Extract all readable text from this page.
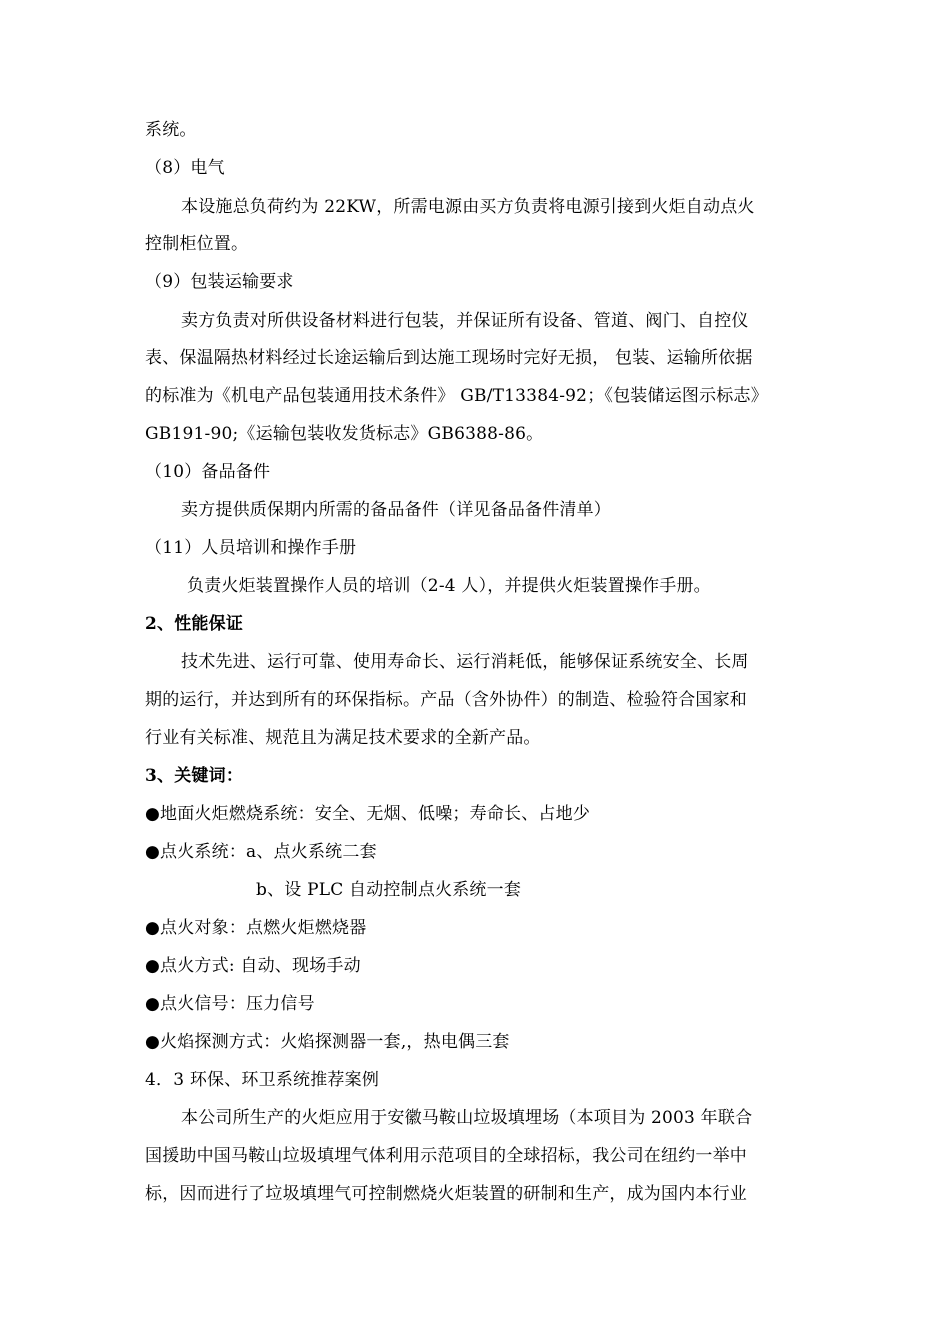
系统。
（8）电气
本设施总负荷约为 22KW，所需电源由买方负责将电源引接到火炬自动点火
控制柜位置。
（9）包装运输要求
卖方负责对所供设备材料进行包装，并保证所有设备、管道、阀门、自控仪
表、保温隔热材料经过长途运输后到达施工现场时完好无损， 包装、运输所依据
的标准为《机电产品包装通用技术条件》 GB/T13384-92；《包装储运图示标志》
GB191-90;《运输包装收发货标志》GB6388-86。
（10）备品备件
卖方提供质保期内所需的备品备件（详见备品备件清单）
（11）人员培训和操作手册
负责火炬装置操作人员的培训（2-4 人），并提供火炬装置操作手册。
2、性能保证
技术先进、运行可靠、使用寿命长、运行消耗低，能够保证系统安全、长周
期的运行，并达到所有的环保指标。产品（含外协件）的制造、检验符合国家和
行业有关标准、规范且为满足技术要求的全新产品。
3、关键词：
●地面火炬燃烧系统：安全、无烟、低噪；寿命长、占地少
●点火系统：a、点火系统二套
b、设 PLC 自动控制点火系统一套
●点火对象：点燃火炬燃烧器
●点火方式: 自动、现场手动
●点火信号：压力信号
●火焰探测方式：火焰探测器一套,，热电偶三套
4．3 环保、环卫系统推荐案例
本公司所生产的火炬应用于安徽马鞍山垃圾填埋场（本项目为 2003 年联合
国援助中国马鞍山垃圾填埋气体利用示范项目的全球招标，我公司在纽约一举中
标，因而进行了垃圾填埋气可控制燃烧火炬装置的研制和生产，成为国内本行业
